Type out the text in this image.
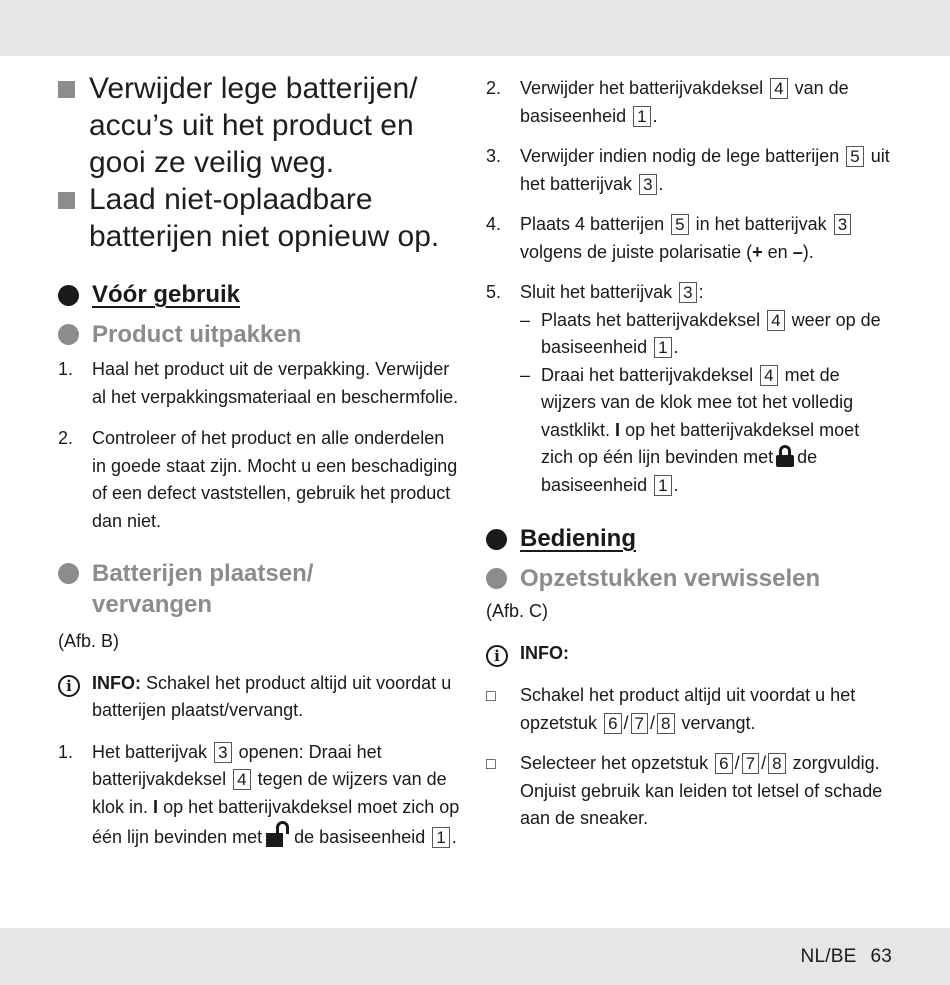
Verwijder lege batterijen/ accu’s uit het product en gooi ze veilig weg.
Laad niet-oplaadbare batterijen niet opnieuw op.
Vóór gebruik
Product uitpakken
1.	Haal het product uit de verpakking. Verwijder al het verpakkingsmateriaal en beschermfolie.
2.	Controleer of het product en alle onderdelen in goede staat zijn. Mocht u een beschadiging of een defect vaststellen, gebruik het product dan niet.
Batterijen plaatsen/ vervangen
(Afb. B)
i	INFO: Schakel het product altijd uit voordat u batterijen plaatst/vervangt.
1.	Het batterijvak 3 openen: Draai het batterijvakdeksel 4 tegen de wijzers van de klok in. I op het batterijvakdeksel moet zich op één lijn bevinden met de basiseenheid 1 .
2.	Verwijder het batterijvakdeksel 4 van de basiseenheid 1 .
3.	Verwijder indien nodig de lege batterijen 5 uit het batterijvak 3 .
4.	Plaats 4 batterijen 5 in het batterijvak 3 volgens de juiste polarisatie (+ en –).
5.	Sluit het batterijvak 3 :
– Plaats het batterijvakdeksel 4 weer op de basiseenheid 1 .
– Draai het batterijvakdeksel 4 met de wijzers van de klok mee tot het volledig vastklikt. I op het batterijvakdeksel moet zich op één lijn bevinden met de basiseenheid 1 .
Bediening
Opzetstukken verwisselen
(Afb. C)
i	INFO:
□	Schakel het product altijd uit voordat u het opzetstuk 6 / 7 / 8 vervangt.
□	Selecteer het opzetstuk 6 / 7 / 8 zorgvuldig. Onjuist gebruik kan leiden tot letsel of schade aan de sneaker.
NL/BE 63
